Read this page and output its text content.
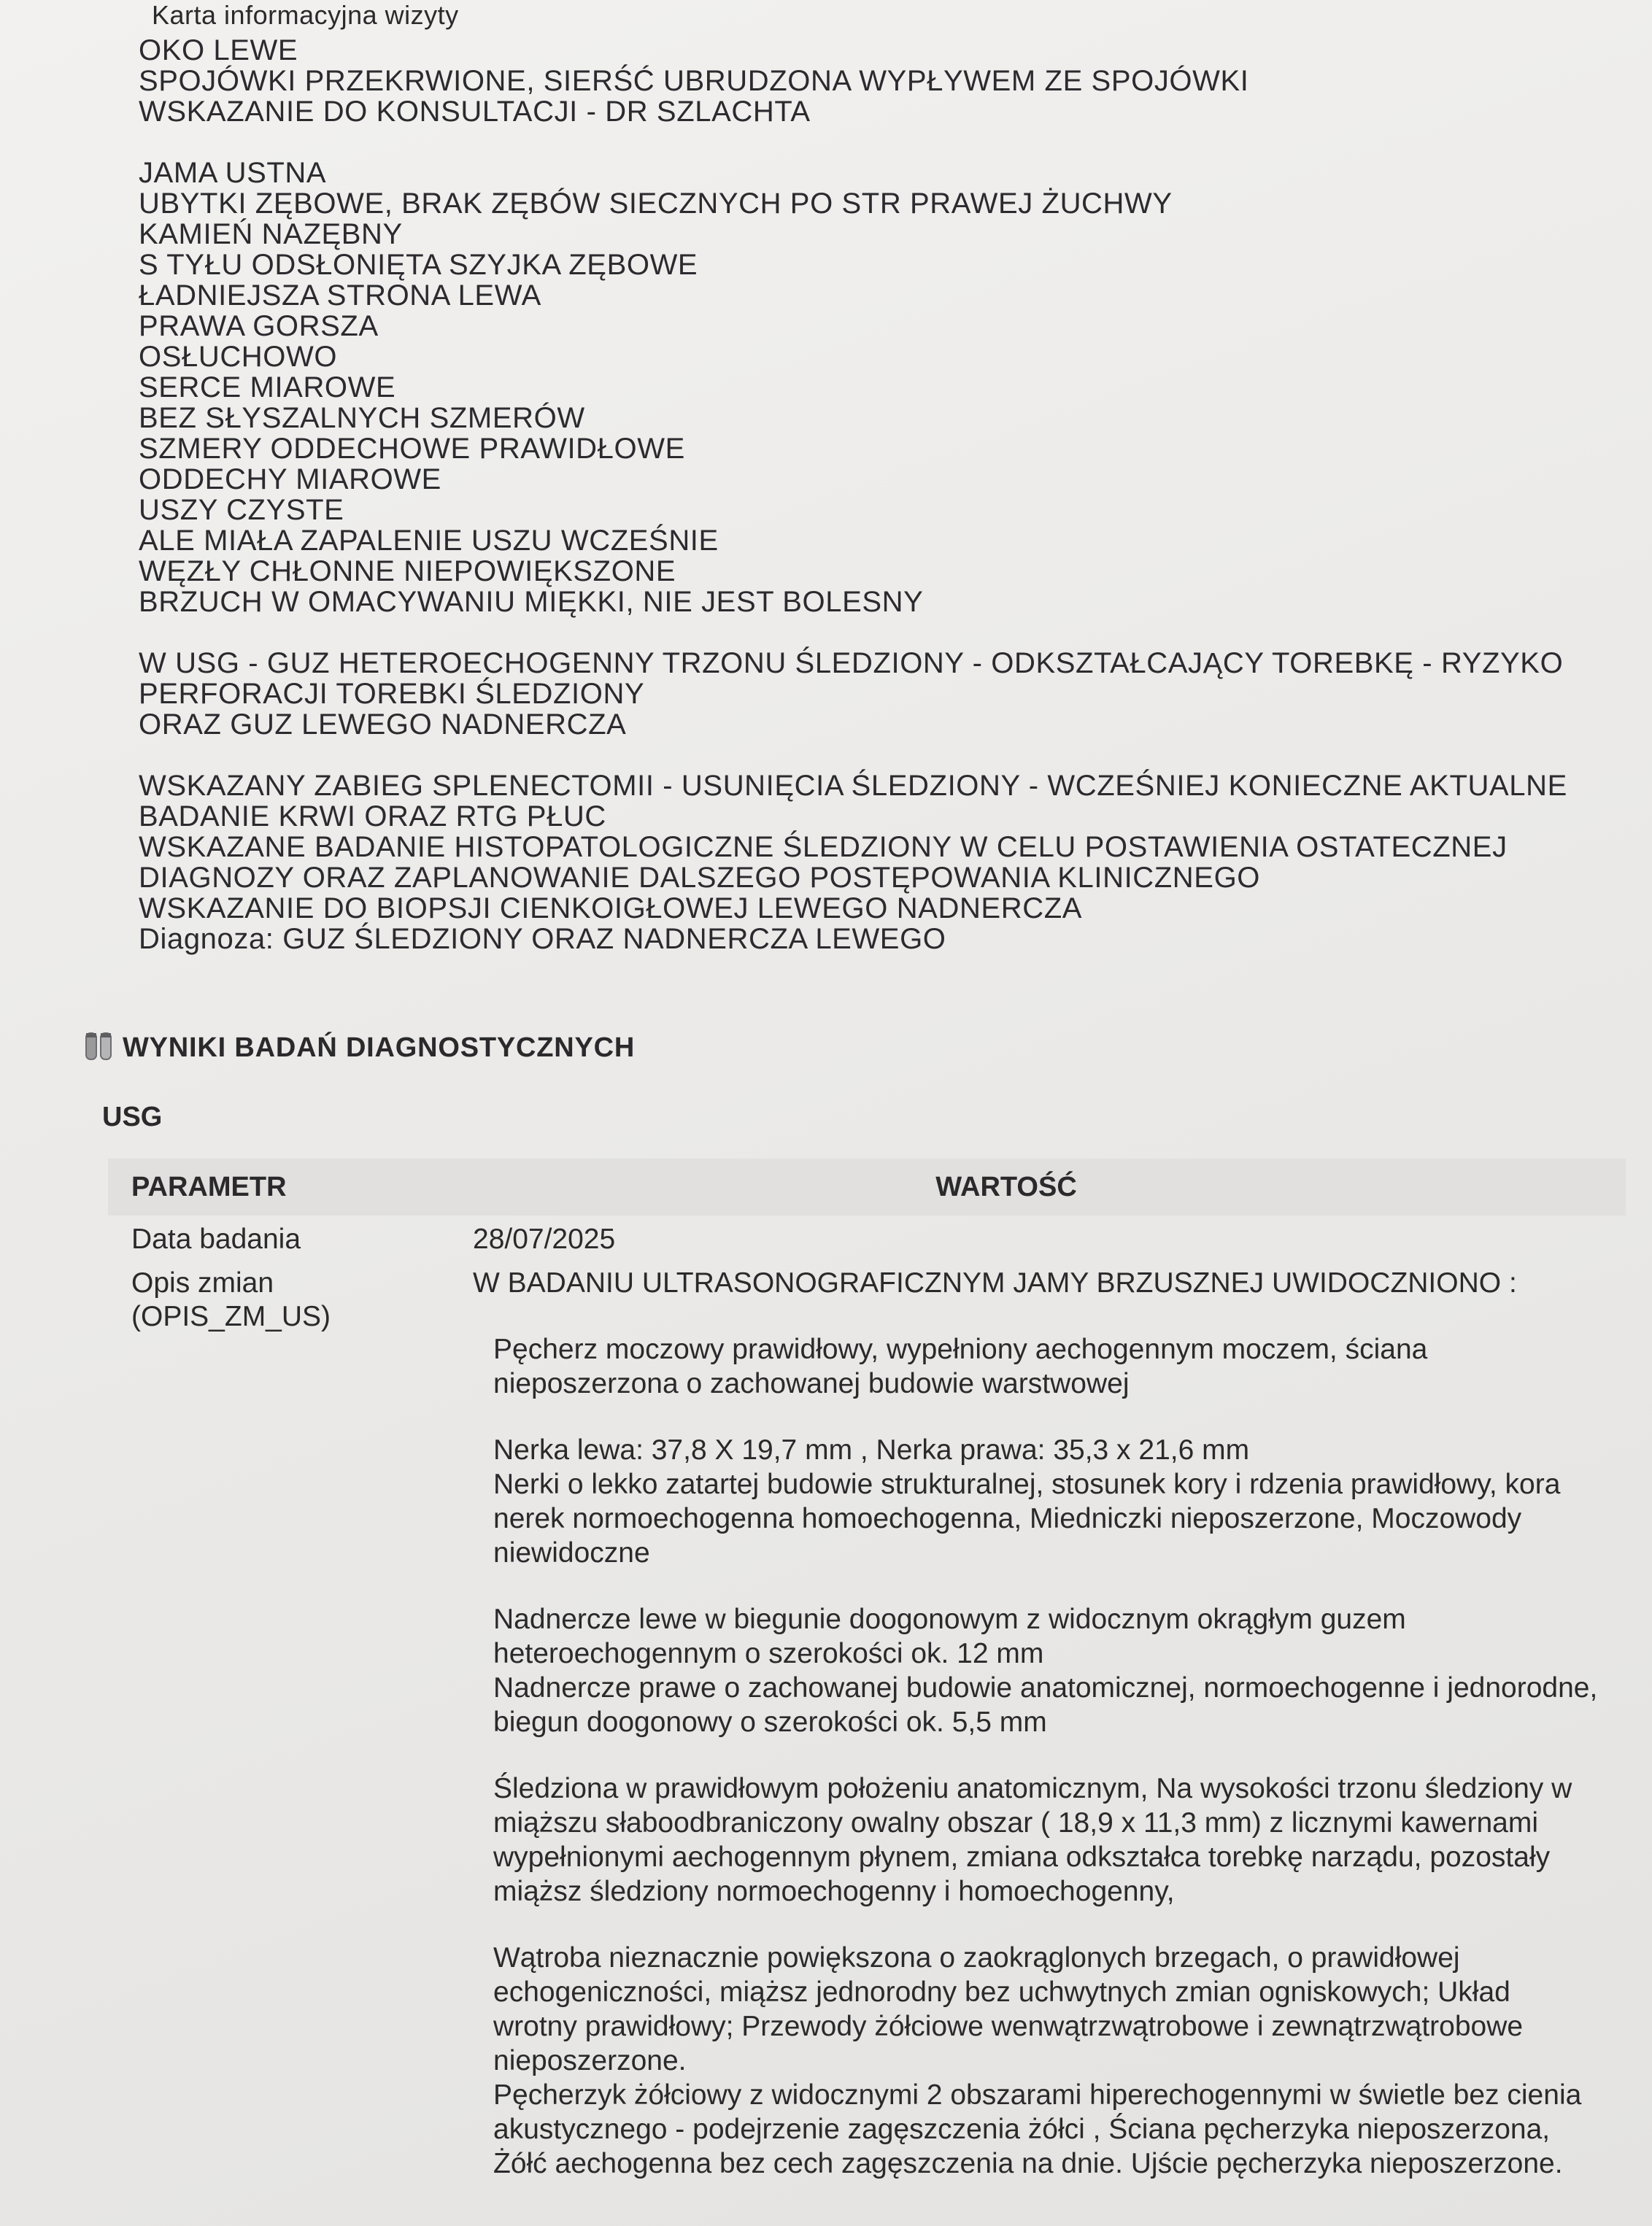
Karta informacyjna wizyty
OKO LEWE
SPOJÓWKI PRZEKRWIONE, SIERŚĆ UBRUDZONA WYPŁYWEM ZE SPOJÓWKI
WSKAZANIE DO KONSULTACJI - DR SZLACHTA
JAMA USTNA
UBYTKI ZĘBOWE, BRAK ZĘBÓW SIECZNYCH PO STR PRAWEJ ŻUCHWY
KAMIEŃ NAZĘBNY
S TYŁU ODSŁONIĘTA SZYJKA ZĘBOWE
ŁADNIEJSZA STRONA LEWA
PRAWA GORSZA
OSŁUCHOWO
SERCE MIAROWE
BEZ SŁYSZALNYCH SZMERÓW
SZMERY ODDECHOWE PRAWIDŁOWE
ODDECHY MIAROWE
USZY CZYSTE
ALE MIAŁA ZAPALENIE USZU WCZEŚNIE
WĘZŁY CHŁONNE NIEPOWIĘKSZONE
BRZUCH W OMACYWANIU MIĘKKI, NIE JEST BOLESNY
W USG - GUZ HETEROECHOGENNY TRZONU ŚLEDZIONY - ODKSZTAŁCAJĄCY TOREBKĘ - RYZYKO
PERFORACJI TOREBKI ŚLEDZIONY
ORAZ GUZ LEWEGO NADNERCZA
WSKAZANY ZABIEG SPLENECTOMII - USUNIĘCIA ŚLEDZIONY - WCZEŚNIEJ KONIECZNE AKTUALNE
BADANIE KRWI ORAZ RTG PŁUC
WSKAZANE BADANIE HISTOPATOLOGICZNE ŚLEDZIONY W CELU POSTAWIENIA OSTATECZNEJ
DIAGNOZY ORAZ ZAPLANOWANIE DALSZEGO POSTĘPOWANIA KLINICZNEGO
WSKAZANIE DO BIOPSJI CIENKOIGŁOWEJ LEWEGO NADNERCZA
Diagnoza: GUZ ŚLEDZIONY ORAZ NADNERCZA LEWEGO
WYNIKI BADAŃ DIAGNOSTYCZNYCH
USG
PARAMETR	WARTOŚĆ
Data badania	28/07/2025
Opis zmian
(OPIS_ZM_US)
W BADANIU ULTRASONOGRAFICZNYM JAMY BRZUSZNEJ UWIDOCZNIONO :
Pęcherz moczowy prawidłowy, wypełniony aechogennym moczem, ściana
nieposzerzona o zachowanej budowie warstwowej
Nerka lewa: 37,8 X 19,7 mm , Nerka prawa: 35,3 x 21,6 mm
Nerki o lekko zatartej budowie strukturalnej, stosunek kory i rdzenia prawidłowy, kora
nerek normoechogenna homoechogenna, Miedniczki nieposzerzone, Moczowody
niewidoczne
Nadnercze lewe w biegunie doogonowym z widocznym okrągłym guzem
heteroechogennym o szerokości ok. 12 mm
Nadnercze prawe o zachowanej budowie anatomicznej, normoechogenne i jednorodne,
biegun doogonowy o szerokości ok. 5,5 mm
Śledziona w prawidłowym położeniu anatomicznym, Na wysokości trzonu śledziony w
miąższu słaboodbraniczony owalny obszar ( 18,9 x 11,3 mm) z licznymi kawernami
wypełnionymi aechogennym płynem, zmiana odkształca torebkę narządu, pozostały
miąższ śledziony normoechogenny i homoechogenny,
Wątroba nieznacznie powiększona o zaokrąglonych brzegach, o prawidłowej
echogeniczności, miąższ jednorodny bez uchwytnych zmian ogniskowych; Układ
wrotny prawidłowy; Przewody żółciowe wenwątrzwątrobowe i zewnątrzwątrobowe
nieposzerzone.
Pęcherzyk żółciowy z widocznymi 2 obszarami hiperechogennymi w świetle bez cienia
akustycznego - podejrzenie zagęszczenia żółci , Ściana pęcherzyka nieposzerzona,
Żółć aechogenna bez cech zagęszczenia na dnie. Ujście pęcherzyka nieposzerzone.
